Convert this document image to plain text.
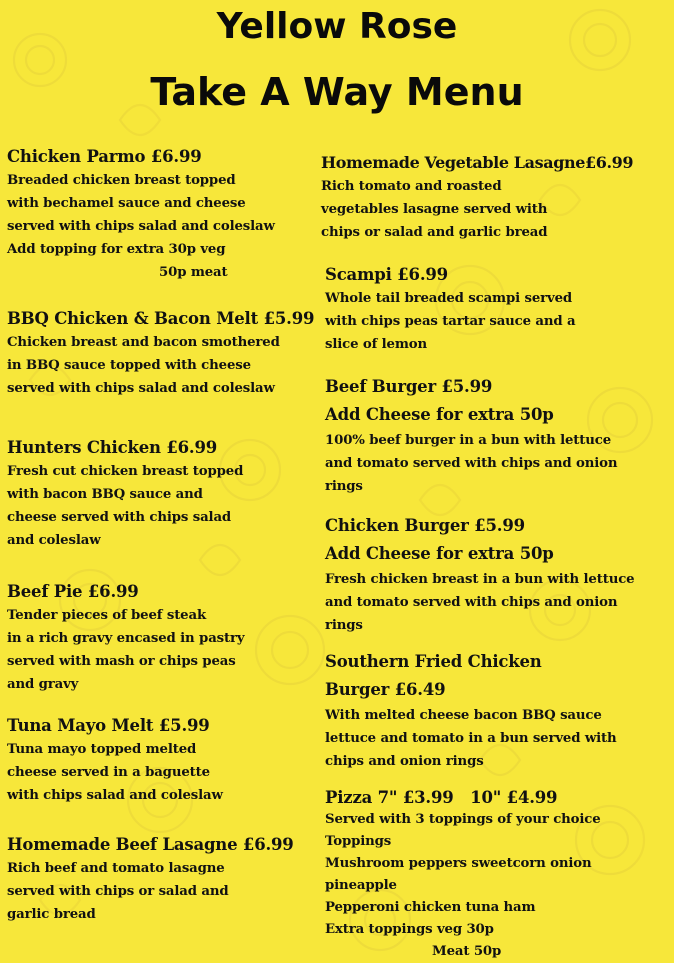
Yellow Rose
Take A Way Menu
Chicken Parmo £6.99
Breaded chicken breast topped
with bechamel sauce and cheese
served with chips salad and coleslaw
Add topping for extra 30p veg
50p meat
BBQ Chicken & Bacon Melt £5.99
Chicken breast and bacon smothered
in BBQ sauce topped with cheese
served with chips salad and coleslaw
Hunters Chicken £6.99
Fresh cut chicken breast topped
with bacon BBQ sauce and
cheese served with chips salad
and coleslaw
Beef Pie £6.99
Tender pieces of beef steak
in a rich gravy encased in pastry
served with mash or chips peas
and gravy
Tuna Mayo Melt £5.99
Tuna mayo topped melted
cheese served in a baguette
with chips salad and coleslaw
Homemade Beef Lasagne £6.99
Rich beef and tomato lasagne
served with chips or salad and
garlic bread
Homemade Vegetable Lasagne£6.99
Rich tomato and roasted
vegetables lasagne served with
chips or salad and garlic bread
Scampi £6.99
Whole tail breaded scampi served
with chips peas tartar sauce and a
slice of lemon
Beef Burger £5.99
Add Cheese for extra 50p
100% beef burger in a bun with lettuce
and tomato served with chips and onion
rings
Chicken Burger £5.99
Add Cheese for extra 50p
Fresh chicken breast in a bun with lettuce
and tomato served with chips and onion
rings
Southern Fried Chicken
Burger £6.49
With melted cheese bacon BBQ sauce
lettuce and tomato in a bun served with
chips and onion rings
Pizza 7" £3.99   10" £4.99
Served with 3 toppings of your choice
Toppings
Mushroom peppers sweetcorn onion
pineapple
Pepperoni chicken tuna ham
Extra toppings veg 30p
Meat 50p
